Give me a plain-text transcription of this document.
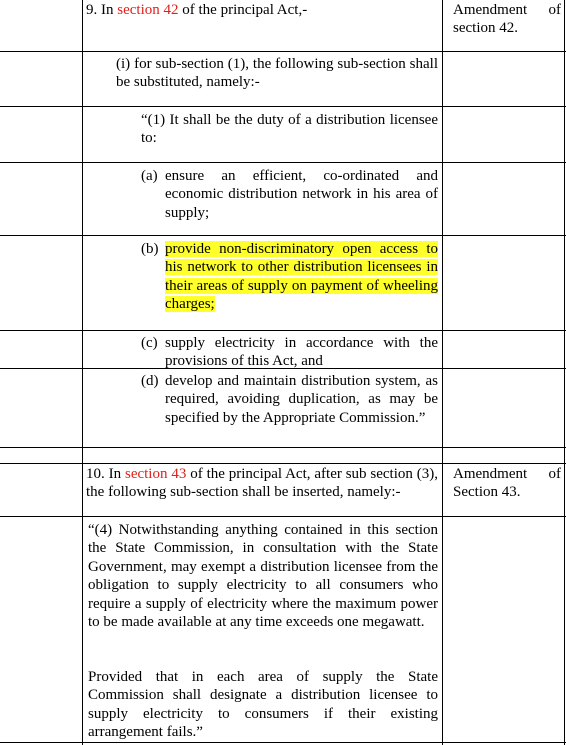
9. In section 42 of the principal Act,-	Amendment of section 42.
(i) for sub-section (1), the following sub-section shall be substituted, namely:-
“(1) It shall be the duty of a distribution licensee to:
(a) ensure an efficient, co-ordinated and economic distribution network in his area of supply;
(b) provide non-discriminatory open access to his network to other distribution licensees in their areas of supply on payment of wheeling charges;
(c) supply electricity in accordance with the provisions of this Act, and
(d) develop and maintain distribution system, as required, avoiding duplication, as may be specified by the Appropriate Commission.”
10. In section 43 of the principal Act, after sub section (3), the following sub-section shall be inserted, namely:-
Amendment of Section 43.
“(4) Notwithstanding anything contained in this section the State Commission, in consultation with the State Government, may exempt a distribution licensee from the obligation to supply electricity to all consumers who require a supply of electricity where the maximum power to be made available at any time exceeds one megawatt.
Provided that in each area of supply the State Commission shall designate a distribution licensee to supply electricity to consumers if their existing arrangement fails.”
